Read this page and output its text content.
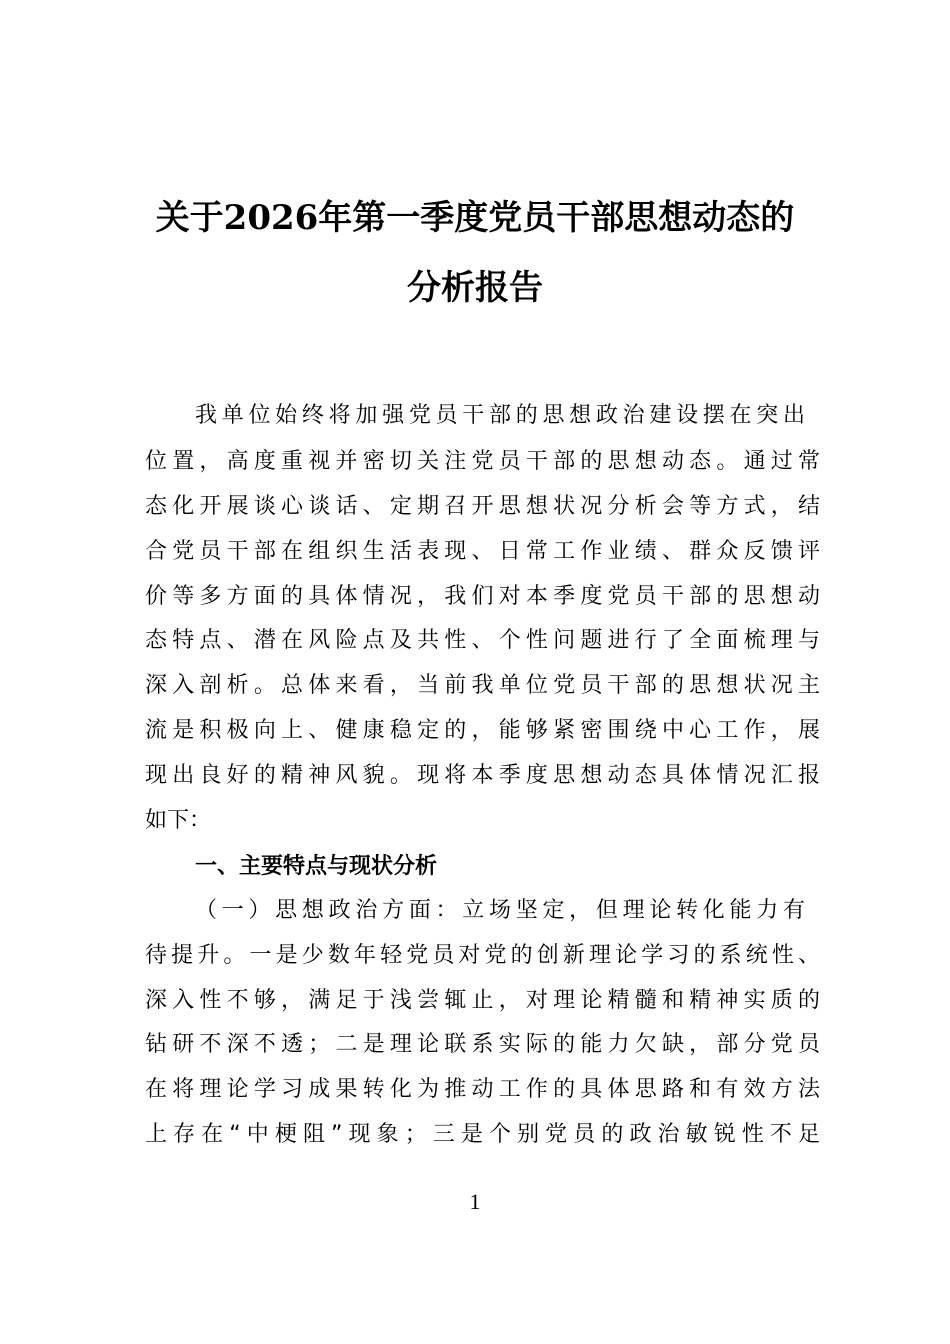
关于2026年第一季度党员干部思想动态的
分析报告
我单位始终将加强党员干部的思想政治建设摆在突出
位置，高度重视并密切关注党员干部的思想动态。通过常
态化开展谈心谈话、定期召开思想状况分析会等方式，结
合党员干部在组织生活表现、日常工作业绩、群众反馈评
价等多方面的具体情况，我们对本季度党员干部的思想动
态特点、潜在风险点及共性、个性问题进行了全面梳理与
深入剖析。总体来看，当前我单位党员干部的思想状况主
流是积极向上、健康稳定的，能够紧密围绕中心工作，展
现出良好的精神风貌。现将本季度思想动态具体情况汇报
如下：
一、主要特点与现状分析
（一）思想政治方面：立场坚定，但理论转化能力有
待提升。一是少数年轻党员对党的创新理论学习的系统性、
深入性不够，满足于浅尝辄止，对理论精髓和精神实质的
钻研不深不透；二是理论联系实际的能力欠缺，部分党员
在将理论学习成果转化为推动工作的具体思路和有效方法
上存在“中梗阻”现象；三是个别党员的政治敏锐性不足
1
